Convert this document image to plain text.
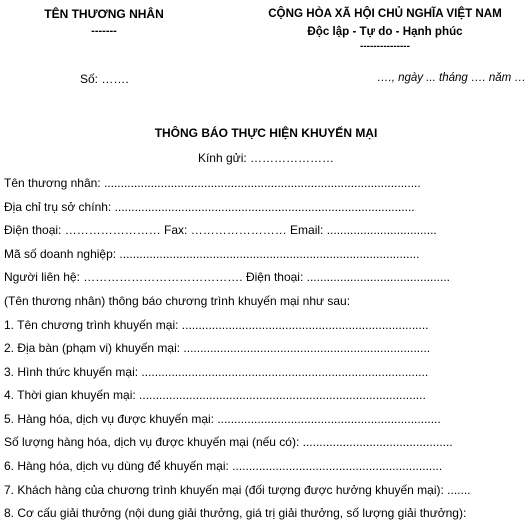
TÊN THƯƠNG NHÂN
-------
CỘNG HÒA XÃ HỘI CHỦ NGHĨA VIỆT NAM
Độc lập - Tự do - Hạnh phúc
---------------
Số: …….	…., ngày ... tháng …. năm …
THÔNG BÁO THỰC HIỆN KHUYẾN MẠI
Kính gửi: …………………
Tên thương nhân: ...............................................................................................
Địa chỉ trụ sở chính: ..........................................................................................
Điện thoại: …………………… Fax: …………………… Email: .................................
Mã số doanh nghiệp: ..........................................................................................
Người liên hệ: …………………………………. Điện thoại: ...........................................
(Tên thương nhân) thông báo chương trình khuyến mại như sau:
1. Tên chương trình khuyến mại: ..........................................................................
2. Địa bàn (phạm vi) khuyến mại: ..........................................................................
3. Hình thức khuyến mại: ......................................................................................
4. Thời gian khuyến mại: ......................................................................................
5. Hàng hóa, dịch vụ được khuyến mại: ...................................................................
Số lượng hàng hóa, dịch vụ được khuyến mại (nếu có): .............................................
6. Hàng hóa, dịch vụ dùng để khuyến mại: ...............................................................
7. Khách hàng của chương trình khuyến mại (đối tượng được hưởng khuyến mại): .......
8. Cơ cấu giải thưởng (nội dung giải thưởng, giá trị giải thưởng, số lượng giải thưởng):
